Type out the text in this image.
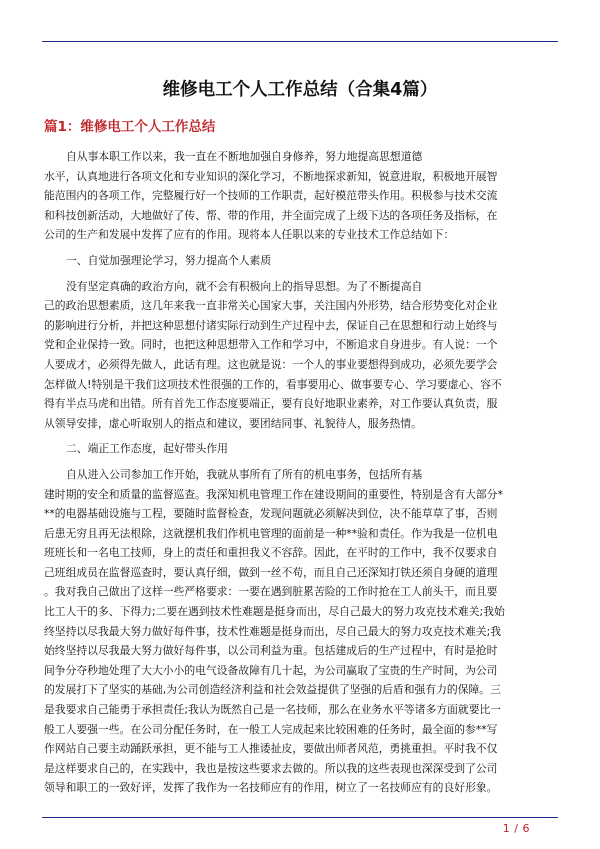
维修电工个人工作总结（合集4篇）
篇1：维修电工个人工作总结
自从事本职工作以来，我一直在不断地加强自身修养，努力地提高思想道德
水平，认真地进行各项文化和专业知识的深化学习，不断地探求新知，锐意进取，积极地开展智
能范围内的各项工作，完整履行好一个技师的工作职责，起好模范带头作用。积极参与技术交流
和科技创新活动，大地做好了传、帮、带的作用，并全面完成了上级下达的各项任务及指标，在
公司的生产和发展中发挥了应有的作用。现将本人任职以来的专业技术工作总结如下：
一、自觉加强理论学习，努力提高个人素质
没有坚定真确的政治方向，就不会有积极向上的指导思想。为了不断提高自
己的政治思想素质，这几年来我一直非常关心国家大事，关注国内外形势，结合形势变化对企业
的影响进行分析，并把这种思想付诸实际行动到生产过程中去，保证自己在思想和行动上始终与
党和企业保持一致。同时，也把这种思想带入工作和学习中，不断追求自身进步。有人说：一个
人要成才，必须得先做人，此话有理。这也就是说：一个人的事业要想得到成功，必须先要学会
怎样做人!特别是干我们这项技术性很强的工作的，看事要用心、做事要专心、学习要虚心、容不
得有半点马虎和出错。所有首先工作态度要端正，要有良好地职业素养，对工作要认真负责，服
从领导安排，虚心听取别人的指点和建议，要团结同事、礼貌待人，服务热情。
二、端正工作态度，起好带头作用
自从进入公司参加工作开始，我就从事所有了所有的机电事务，包括所有基
建时期的安全和质量的监督巡查。我深知机电管理工作在建设期间的重要性，特别是含有大部分*
**的电器基础设施与工程，要随时监督检查，发现问题就必须解决到位，决不能草草了事，否则
后患无穷且再无法根除，这就摆机我们作机电管理的面前是一种**验和责任。作为我是一位机电
班班长和一名电工技师，身上的责任和重担我义不容辞。因此，在平时的工作中，我不仅要求自
己班组成员在监督巡查时，要认真仔细，做到一丝不苟，而且自己还深知打铁还须自身硬的道理
。我对我自己做出了这样一些严格要求：一要在遇到脏累苦险的工作时抢在工人前头干，而且要
比工人干的多、下得力;二要在遇到技术性难题是挺身而出，尽自己最大的努力攻克技术难关;我始
终坚持以尽我最大努力做好每件事，技术性难题是挺身而出，尽自己最大的努力攻克技术难关;我
始终坚持以尽我最大努力做好每件事，以公司利益为重。包括建成后的生产过程中，有时是抢时
间争分夺秒地处理了大大小小的电气设备故障有几十起，为公司赢取了宝贵的生产时间，为公司
的发展打下了坚实的基础,为公司创造经济利益和社会效益提供了坚强的后盾和强有力的保障。三
是我要求自己能勇于承担责任;我认为既然自己是一名技师，那么在业务水平等诸多方面就要比一
般工人要强一些。在公司分配任务时，在一般工人完成起来比较困难的任务时，最全面的参**写
作网站自己要主动踊跃承担，更不能与工人推诿扯皮，要做出师者风范，勇挑重担。平时我不仅
是这样要求自己的，在实践中，我也是按这些要求去做的。所以我的这些表现也深深受到了公司
领导和职工的一致好评，发挥了我作为一名技师应有的作用，树立了一名技师应有的良好形象。
1 / 6
